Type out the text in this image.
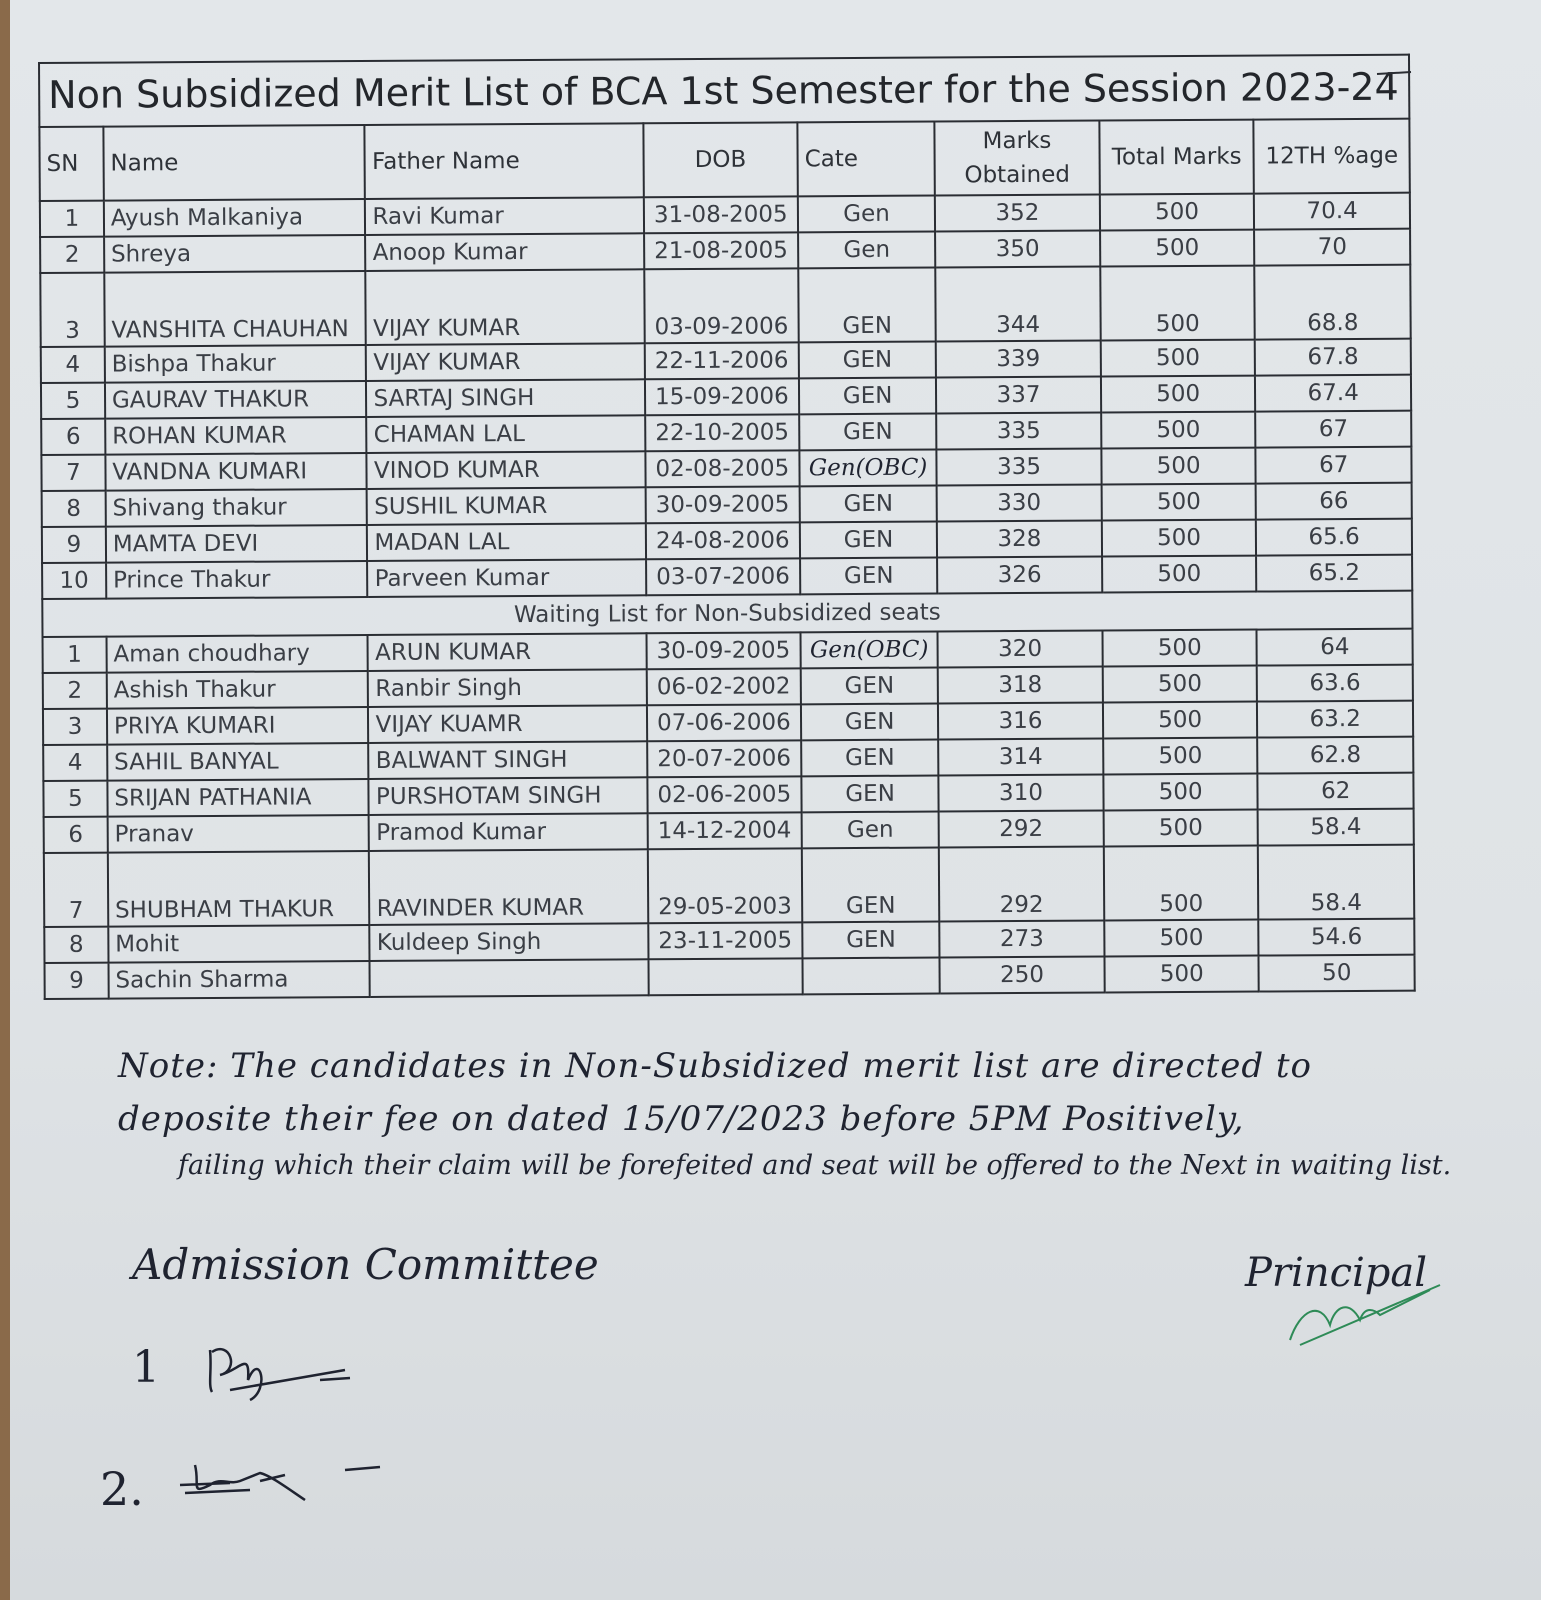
Non Subsidized Merit List of BCA 1st Semester for the Session 2023-24
SN	Name	Father Name	DOB	Cate	Marks Obtained	Total Marks	12TH %age
1	Ayush Malkaniya	Ravi Kumar	31-08-2005	Gen	352	500	70.4
2	Shreya	Anoop Kumar	21-08-2005	Gen	350	500	70
3	VANSHITA CHAUHAN	VIJAY KUMAR	03-09-2006	GEN	344	500	68.8
4	Bishpa Thakur	VIJAY KUMAR	22-11-2006	GEN	339	500	67.8
5	GAURAV THAKUR	SARTAJ SINGH	15-09-2006	GEN	337	500	67.4
6	ROHAN KUMAR	CHAMAN LAL	22-10-2005	GEN	335	500	67
7	VANDNA KUMARI	VINOD KUMAR	02-08-2005	Gen(OBC)	335	500	67
8	Shivang thakur	SUSHIL KUMAR	30-09-2005	GEN	330	500	66
9	MAMTA DEVI	MADAN LAL	24-08-2006	GEN	328	500	65.6
10	Prince Thakur	Parveen Kumar	03-07-2006	GEN	326	500	65.2
Waiting List for Non-Subsidized seats							
1	Aman choudhary	ARUN KUMAR	30-09-2005	Gen(OBC)	320	500	64
2	Ashish Thakur	Ranbir Singh	06-02-2002	GEN	318	500	63.6
3	PRIYA KUMARI	VIJAY KUAMR	07-06-2006	GEN	316	500	63.2
4	SAHIL BANYAL	BALWANT SINGH	20-07-2006	GEN	314	500	62.8
5	SRIJAN PATHANIA	PURSHOTAM SINGH	02-06-2005	GEN	310	500	62
6	Pranav	Pramod Kumar	14-12-2004	Gen	292	500	58.4
7	SHUBHAM THAKUR	RAVINDER KUMAR	29-05-2003	GEN	292	500	58.4
8	Mohit	Kuldeep Singh	23-11-2005	GEN	273	500	54.6
9	Sachin Sharma				250	500	50
Note: The candidates in Non-Subsidized merit list are directed to
deposite their fee on dated 15/07/2023 before 5PM Positively,
failing which their claim will be forefeited and seat will be offered to the Next in waiting list.
Admission Committee	Principal
1
2.
